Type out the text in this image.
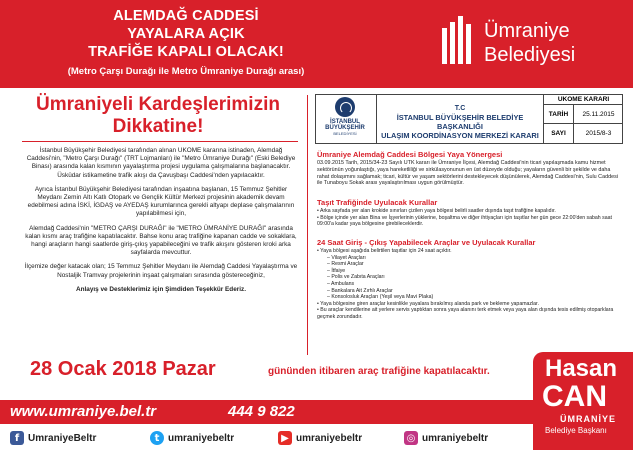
ALEMDAĞ CADDESİ
YAYALARA AÇIK
TRAFİĞE KAPALI OLACAK!
(Metro Çarşı Durağı ile Metro Ümraniye Durağı arası)
Ümraniye
Belediyesi
Ümraniyeli Kardeşlerimizin
Dikkatine!

İstanbul Büyükşehir Belediyesi tarafından alınan UKOME kararına istinaden, Alemdağ Caddesi'nin, "Metro Çarşı Durağı" (TRT Lojmanları) ile "Metro Ümraniye Durağı" (Eski Belediye Binası) arasında kalan kısmının yayalaştırma projesi uygulama çalışmalarına başlanacaktır. Üsküdar istikametine trafik akışı da Çavuşbaşı Caddesi'nden yapılacaktır.

Ayrıca İstanbul Büyükşehir Belediyesi tarafından inşaatına başlanan, 15 Temmuz Şehitler Meydanı Zemin Altı Katlı Otopark ve Gençlik Kültür Merkezi projesinin akademik devam edebilmesi adına İSKİ, İGDAŞ ve AYEDAŞ kurumlarınca gerekli altyapı deplase çalışmalarının yapılabilmesi için,

Alemdağ Caddesi'nin "METRO ÇARŞI DURAĞI" ile "METRO ÜMRANİYE DURAĞI" arasında kalan kısmı araç trafiğine kapatılacaktır. Bahse konu araç trafiğine kapanan cadde ve sokaklara, hangi araçların hangi saatlerde giriş-çıkış yapabileceğini ve trafik akışını gösteren kroki arka sayfalarda mevcuttur.

İlçemize değer katacak olan; 15 Temmuz Şehitler Meydanı ile Alemdağ Caddesi Yayalaştırma ve Nostaljik Tramvay projelerinin inşaat çalışmaları sırasında göstereceğiniz,

Anlayış ve Desteklerimiz için Şimdiden Teşekkür Ederiz.

İSTANBUL BÜYÜKŞEHİR
BELEDİYESİ
T.C
İSTANBUL BÜYÜKŞEHİR BELEDİYE BAŞKANLIĞI
ULAŞIM KOORDİNASYON MERKEZİ KARARI
UKOME KARARI
TARİH	25.11.2015
SAYI	2015/8-3
Ümraniye Alemdağ Caddesi Bölgesi Yaya Yönergesi
03.09.2015 Tarih, 2015/34-23 Sayılı UTK kararı ile Ümraniye İlçesi, Alemdağ Caddesi'nin ticari yapılaşmada kamu hizmet sektörünün yoğunlaştığı, yaya hareketliliği ve sirkülasyonunun en üst düzeyde olduğu; yayaların güvenli bir şekilde ve daha rahat dolaşımını sağlamak; ticari, kültür ve yaşam sektörlerini destekleyecek düşünülerek, Alemdağ Caddesi'nin, Sulu Caddesi ile Tunaboyu Sokak arası yayalaştırılması uygun görülmüştür.
Taşıt Trafiğinde Uyulacak Kurallar
• Arka sayfada yer alan krokide sınırları çizilen yaya bölgesi belirli saatler dışında taşıt trafiğine kapalıdır.
• Bölge içinde yer alan Bina ve İşyerlerinin yüklerine, boşaltma ve diğer ihtiyaçları için taşıtlar her gün gece 22:00'den sabah saat 09:00'a kadar yaya bölgesine girebileceklerdir.
24 Saat Giriş - Çıkış Yapabilecek Araçlar ve Uyulacak Kurallar
• Yaya bölgesi aşağıda belirtilen taşıtlar için 24 saat açıktır.
– Vilayet Araçları
– Resmi Araçlar
– İtfaiye
– Polis ve Zabıta Araçları
– Ambulans
– Bankalara Ait Zırhlı Araçlar
– Konsolosluk Araçları (Yeşil veya Mavi Plaka)
• Yaya bölgesine giren araçlar kesinlikle yayalara bırakılmış alanda park ve bekleme yapamazlar.
• Bu araçlar kendilerine ait yerlere servis yaptıktan sonra yaya alanını terk etmek veya yaya alan dışında tesis edilmiş otoparklara geçmek zorundadır.
28 Ocak 2018 Pazar	gününden itibaren araç trafiğine kapatılacaktır.
www.umraniye.bel.tr	444 9 822
f UmraniyeBeltr	t umraniyebeltr	▶ umraniyebeltr	◎ umraniyebeltr
Hasan
CAN
ÜMRANİYE
Belediye Başkanı
